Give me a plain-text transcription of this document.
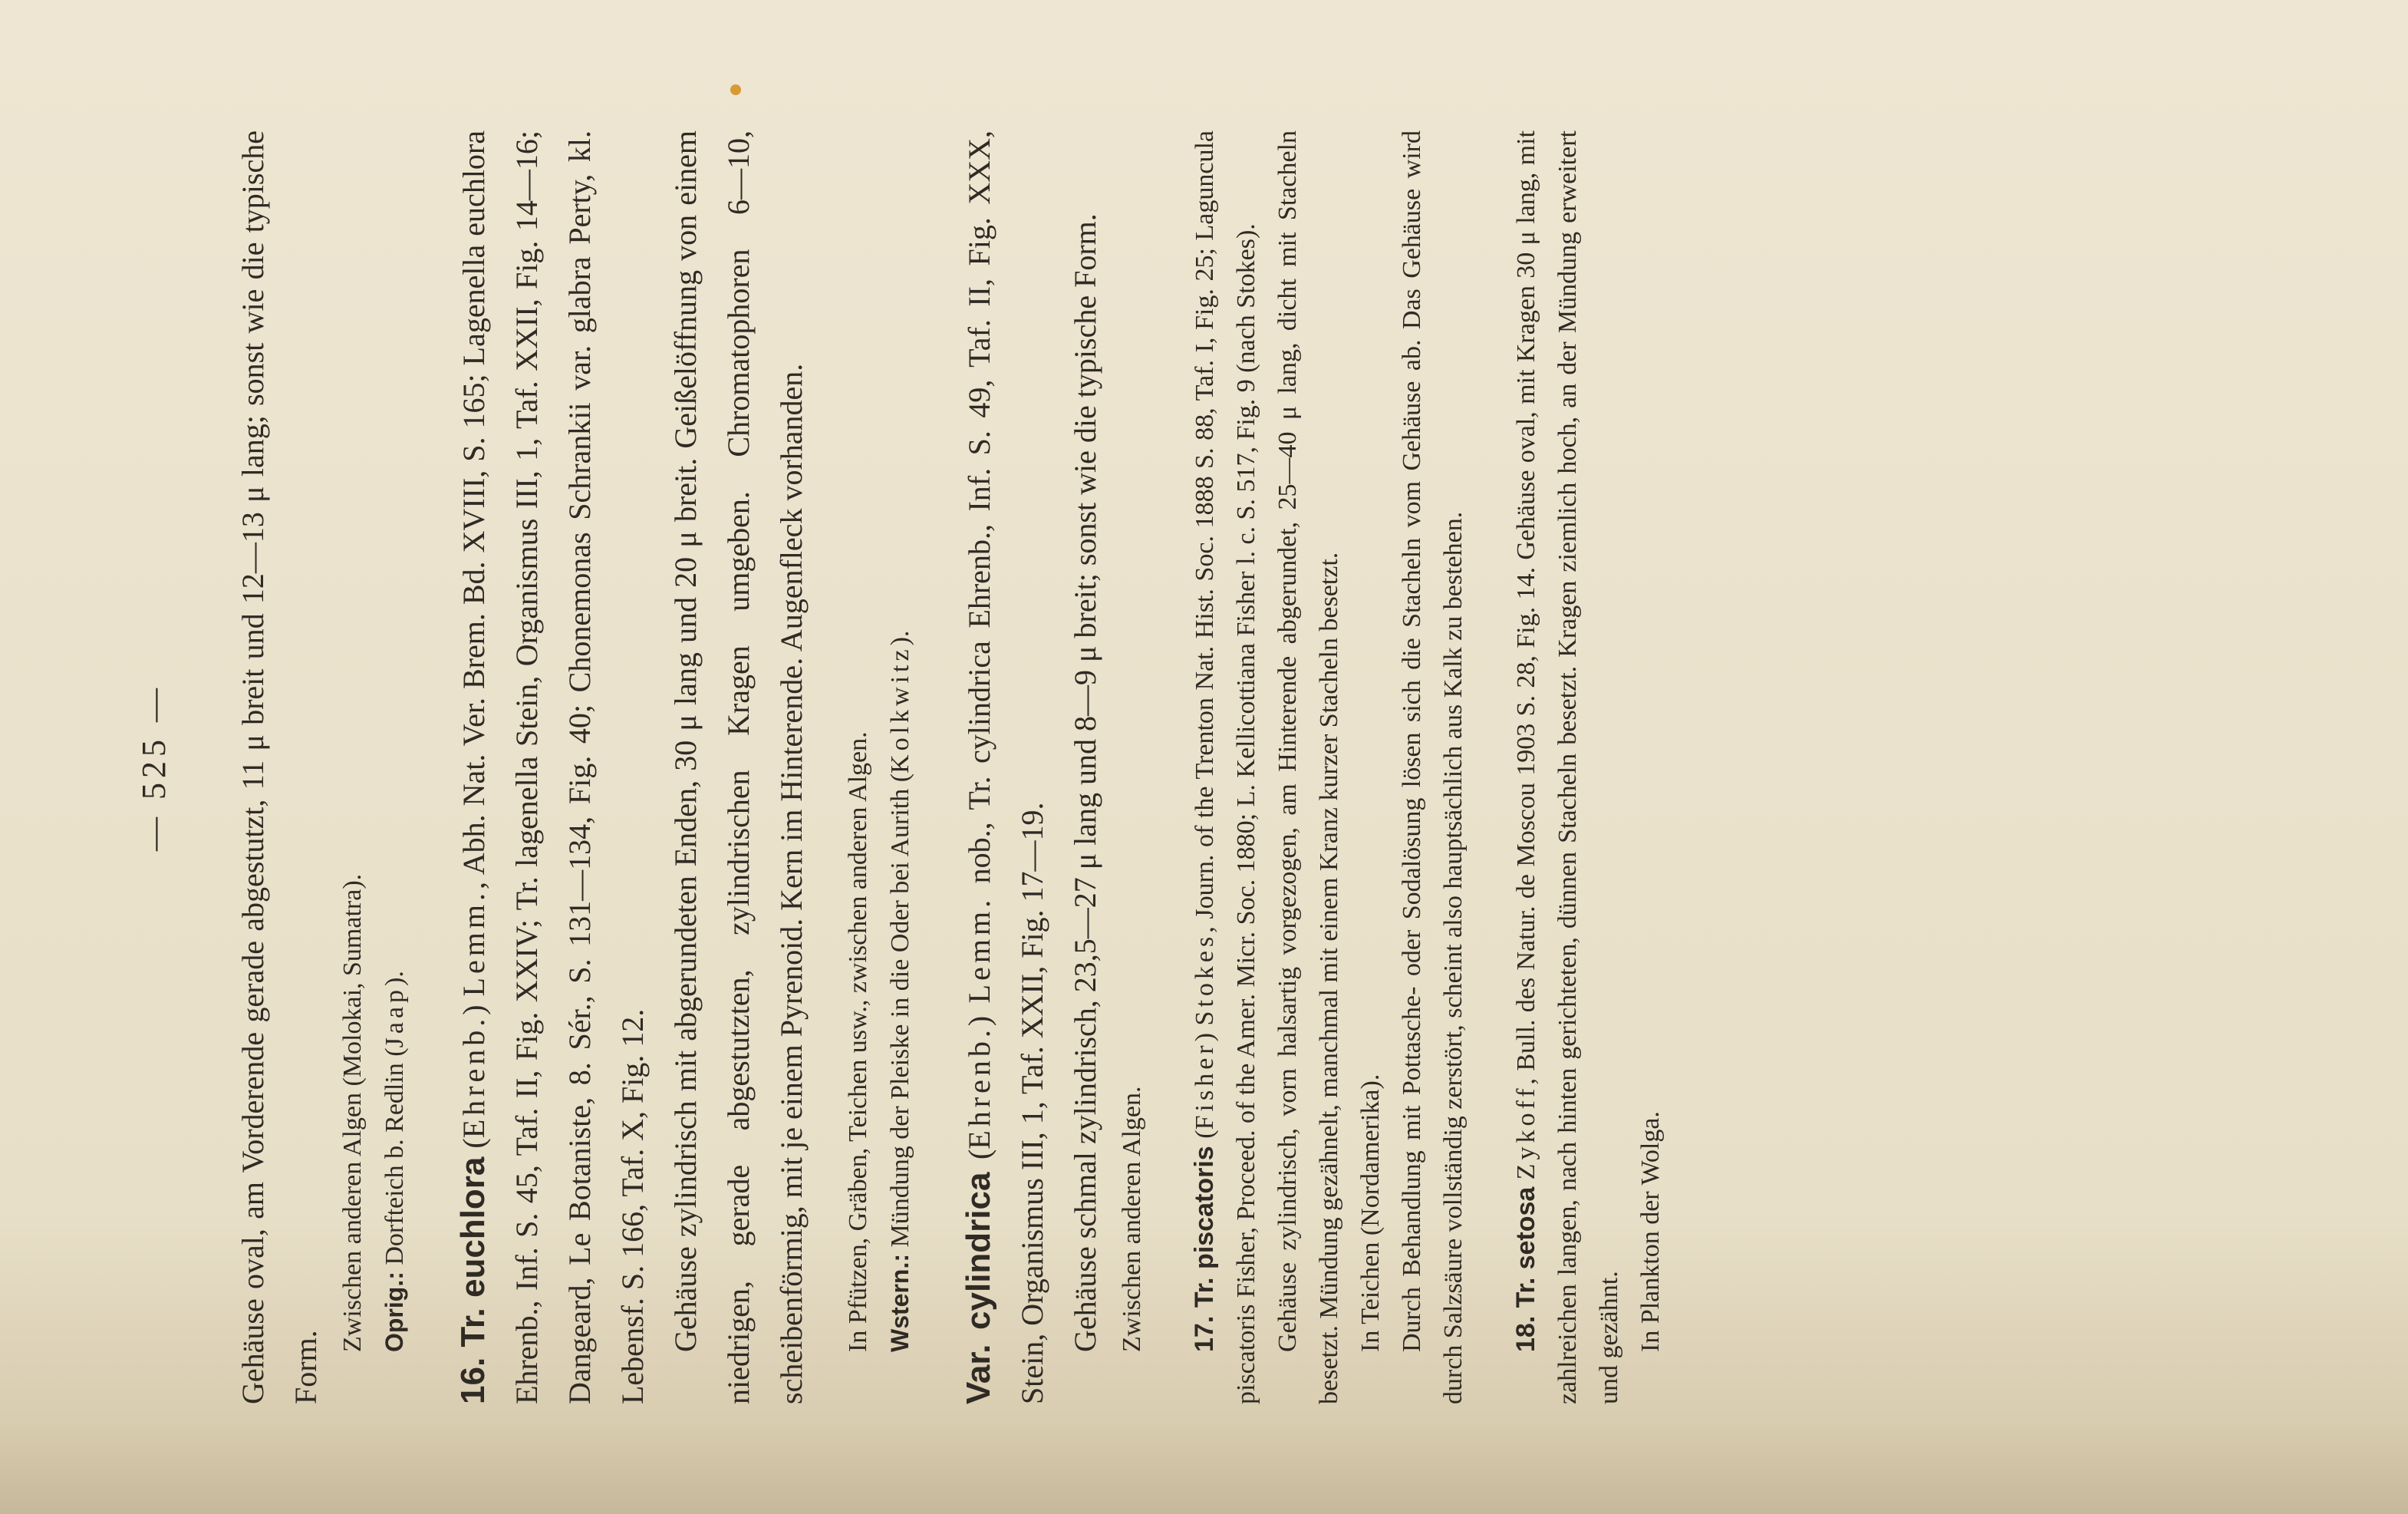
— 525 —	Gehäuse oval, am Vorderende gerade abgestutzt, 11 μ breit und 12—13 μ lang; sonst wie die typische Form.

Zwischen anderen Algen (Molokai, Sumatra). Oprig.: Dorfteich b. Redlin (Jaap).

16. Tr. euchlora (Ehrenb.) Lemm., Abh. Nat. Ver. Brem. Bd. XVIII, S. 165; Lagenella euchlora Ehrenb., Inf. S. 45, Taf. II, Fig. XXIV; Tr. lagenella Stein, Organismus III, 1, Taf. XXII, Fig. 14—16; Dangeard, Le Botaniste, 8. Sér., S. 131—134, Fig. 40; Chonemonas Schrankii var. glabra Perty, kl. Lebensf. S. 166, Taf. X, Fig. 12. Gehäuse zylindrisch mit abgerundeten Enden, 30 μ lang und 20 μ breit. Geißelöffnung von einem niedrigen, gerade abgestutzten, zylindrischen Kragen umgeben. Chromatophoren 6—10, scheibenförmig, mit je einem Pyrenoid. Kern im Hinterende. Augenfleck vorhanden.	In Pfützen, Gräben, Teichen usw., zwischen anderen Algen. Wstern.: Mündung der Pleiske in die Oder bei Aurith (Kolkwitz).

Var. cylindrica (Ehrenb.) Lemm. nob., Tr. cylindrica Ehrenb., Inf. S. 49, Taf. II, Fig. XXX, Stein, Organismus III, 1, Taf. XXII, Fig. 17—19. Gehäuse schmal zylindrisch, 23,5—27 μ lang und 8—9 μ breit; sonst wie die typische Form. Zwischen anderen Algen. 17. Tr. piscatoris (Fisher) Stokes, Journ. of the Trenton Nat. Hist. Soc. 1888 S. 88, Taf. I, Fig. 25; Laguncula piscatoris Fisher, Proceed. of the Amer. Micr. Soc. 1880; L. Kellicottiana Fisher l. c. S. 517, Fig. 9 (nach Stokes). Gehäuse zylindrisch, vorn halsartig vorgezogen, am Hinterende abgerundet, 25—40 μ lang, dicht mit Stacheln besetzt. Mündung gezähnelt, manchmal mit einem Kranz kurzer Stacheln besetzt. In Teichen (Nordamerika). Durch Behandlung mit Pottasche- oder Sodalösung lösen sich die Stacheln vom Gehäuse ab. Das Gehäuse wird durch Salzsäure vollständig zerstört, scheint also hauptsächlich aus Kalk zu bestehen. 18. Tr. setosa Zykoff, Bull. des Natur. de Moscou 1903 S. 28, Fig. 14. Gehäuse oval, mit Kragen 30 μ lang, mit zahlreichen langen, nach hinten gerichteten, dünnen Stacheln besetzt. Kragen ziemlich hoch, an der Mündung erweitert und gezähnt. In Plankton der Wolga.
